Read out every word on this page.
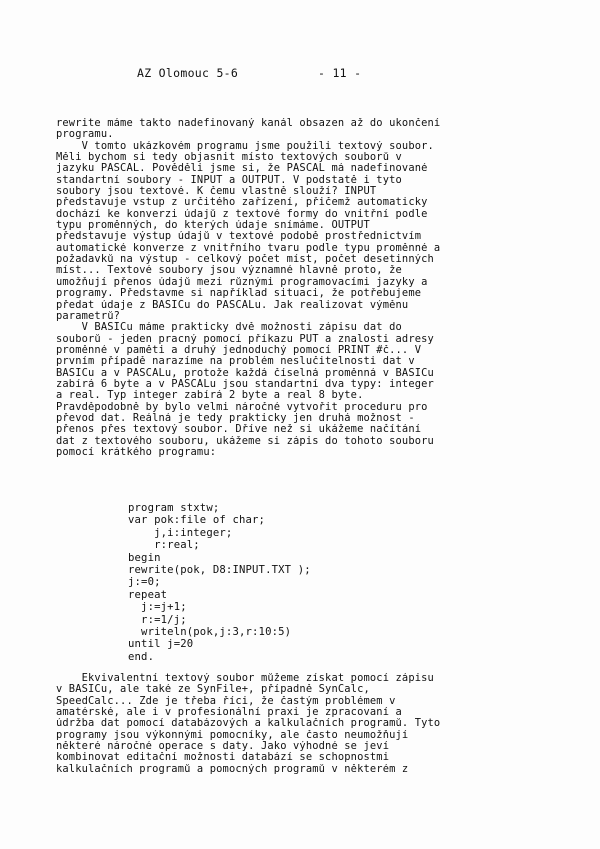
AZ Olomouc 5-6	- 11 -
rewrite máme takto nadefinovaný kanál obsazen až do ukončení
programu.
V tomto ukázkovém programu jsme použili textový soubor.
Měli bychom si tedy objasnit místo textových souborů v
jazyku PASCAL. Pověděli jsme si, že PASCAL má nadefinované
standartní soubory - INPUT a OUTPUT. V podstatě i tyto
soubory jsou textové. K čemu vlastně slouží? INPUT
představuje vstup z určitého zařízení, přičemž automaticky
dochází ke konverzi údajů z textové formy do vnitřní podle
typu proměnných, do kterých údaje snímáme. OUTPUT
představuje výstup údajů v textové podobě prostřednictvím
automatické konverze z vnitřního tvaru podle typu proměnné a
požadavků na výstup - celkový počet míst, počet desetinných
míst... Textové soubory jsou významné hlavně proto, že
umožňují přenos údajů mezi různými programovacími jazyky a
programy. Představme si například situaci, že potřebujeme
předat údaje z BASICu do PASCALu. Jak realizovat výměnu
parametrů?
V BASICu máme prakticky dvě možnosti zápisu dat do
souborů - jeden pracný pomocí příkazu PUT a znalosti adresy
proměnné v paměti a druhý jednoduchý pomocí PRINT #č... V
prvním případě narazíme na problém neslučitelnosti dat v
BASICu a v PASCALu, protože každá číselná proměnná v BASICu
zabírá 6 byte a v PASCALu jsou standartní dva typy: integer
a real. Typ integer zabírá 2 byte a real 8 byte.
Pravděpodobně by bylo velmi náročné vytvořit proceduru pro
převod dat. Reálná je tedy prakticky jen druhá možnost -
přenos přes textový soubor. Dříve než si ukážeme načítání
dat z textového souboru, ukážeme si zápis do tohoto souboru
pomocí krátkého programu:
program stxtw;
var pok:file of char;
j,i:integer;
r:real;
begin
rewrite(pok, D8:INPUT.TXT );
j:=0;
repeat
j:=j+1;
r:=1/j;
writeln(pok,j:3,r:10:5)
until j=20
end.
Ekvivalentní textový soubor můžeme získat pomocí zápisu
v BASICu, ale také ze SynFile+, případně SynCalc,
SpeedCalc... Zde je třeba říci, že častým problémem v
amatérské, ale i v profesionální praxi je zpracovaní a
údržba dat pomocí databázových a kalkulačních programů. Tyto
programy jsou výkonnými pomocníky, ale často neumožňují
některé náročné operace s daty. Jako výhodné se jeví
kombinovat editační možnosti databází se schopnostmi
kalkulačních programů a pomocných programů v některém z
